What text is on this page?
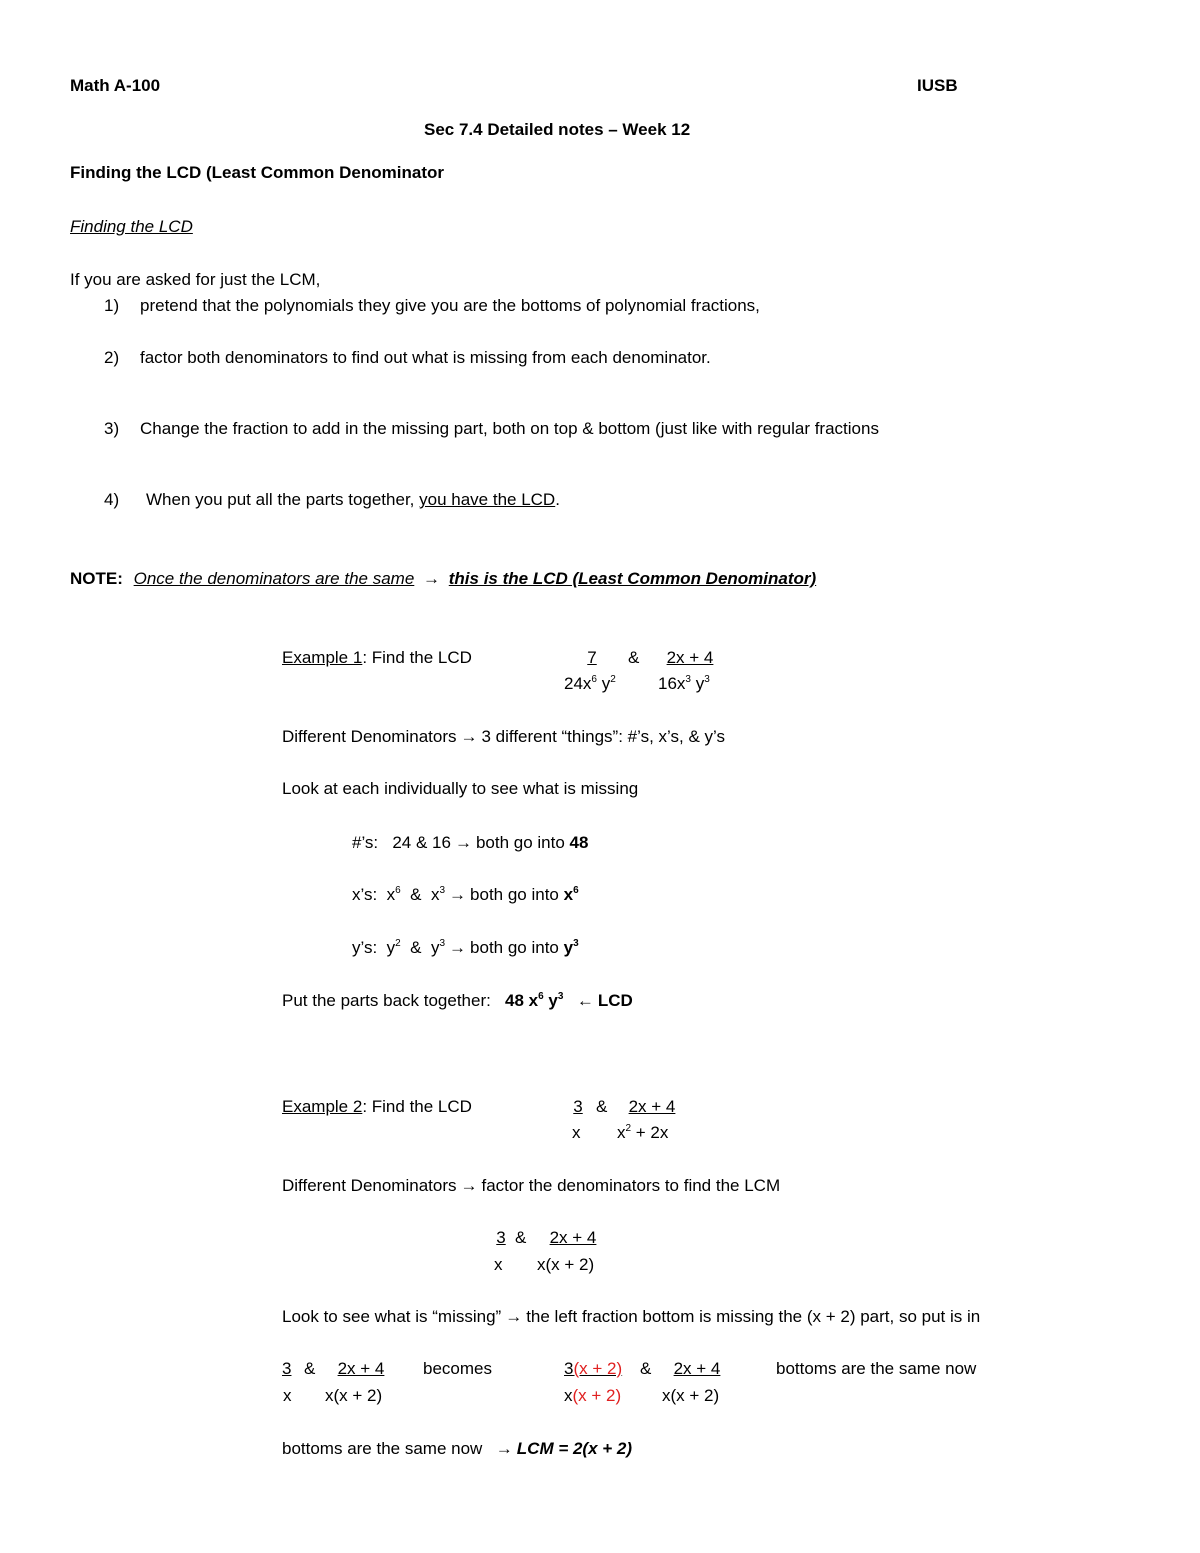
Math A-100	IUSB
Sec 7.4 Detailed notes – Week 12
Finding the LCD (Least Common Denominator
Finding the LCD
If you are asked for just the LCM,
1) pretend that the polynomials they give you are the bottoms of polynomial fractions,
2) factor both denominators to find out what is missing from each denominator.
3) Change the fraction to add in the missing part, both on top & bottom (just like with regular fractions
4) When you put all the parts together, you have the LCD.
NOTE: Once the denominators are the same → this is the LCD (Least Common Denominator)
Example 1: Find the LCD	7	&	2x + 4
$24x^6$ $y^2$ $16x^3$ $y^3$
Different Denominators → 3 different “things”: #’s, x’s, & y’s
Look at each individually to see what is missing
#’s: 24 & 16 → both go into 48
x’s: $x^6$ & $x^3$ → both go into $x^6$
y’s: $y^2$ & $y^3$ → both go into $y^3$
Put the parts back together: 48 $x^6$ $y^3$ ← LCD
Example 2: Find the LCD	3 &	2x + 4
x $x^2 + 2x$
Different Denominators → factor the denominators to find the LCM
3 &	2x + 4
x x(x + 2)
Look to see what is “missing” → the left fraction bottom is missing the (x + 2) part, so put is in
3 &	2x + 4
x x(x + 2)
becomes	3(x + 2) &	2x + 4
x(x + 2) x(x + 2)
bottoms are the same now
bottoms are the same now → LCM = 2(x + 2)
